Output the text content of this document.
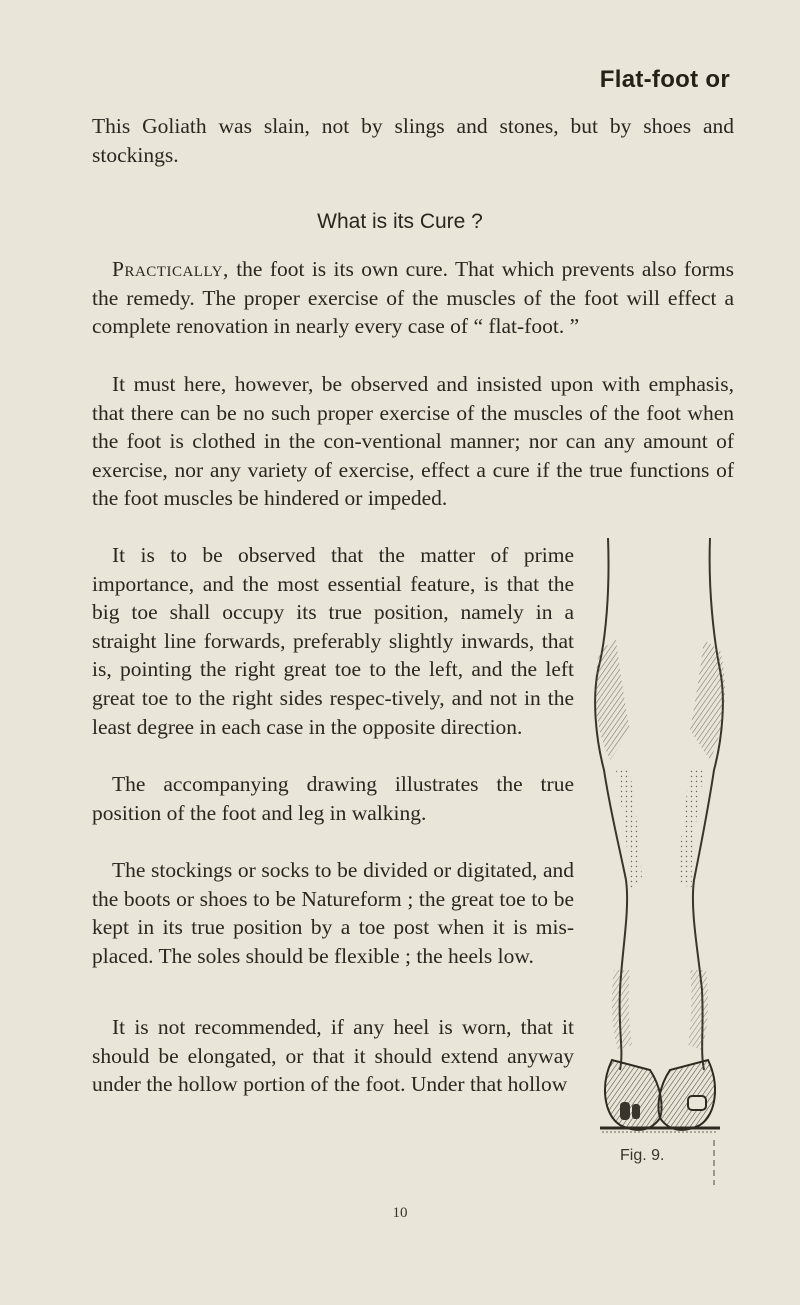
Flat-foot or

This Goliath was slain, not by slings and stones, but by shoes and stockings.

What is its Cure ?

Practically, the foot is its own cure. That which prevents also forms the remedy. The proper exercise of the muscles of the foot will effect a complete renovation in nearly every case of “ flat-foot. ”

It must here, however, be observed and insisted upon with emphasis, that there can be no such proper exercise of the muscles of the foot when the foot is clothed in the con-ventional manner; nor can any amount of exercise, nor any variety of exercise, effect a cure if the true functions of the foot muscles be hindered or impeded.

It is to be observed that the matter of prime importance, and the most essential feature, is that the big toe shall occupy its true position, namely in a straight line forwards, preferably slightly inwards, that is, pointing the right great toe to the left, and the left great toe to the right sides respec-tively, and not in the least degree in each case in the opposite direction.

The accompanying drawing illustrates the true position of the foot and leg in walking.

The stockings or socks to be divided or digitated, and the boots or shoes to be Natureform ; the great toe to be kept in its true position by a toe post when it is mis-placed. The soles should be flexible ; the heels low.

It is not recommended, if any heel is worn, that it should be elongated, or that it should extend anyway under the hollow portion of the foot. Under that hollow

Fig. 9.
10
